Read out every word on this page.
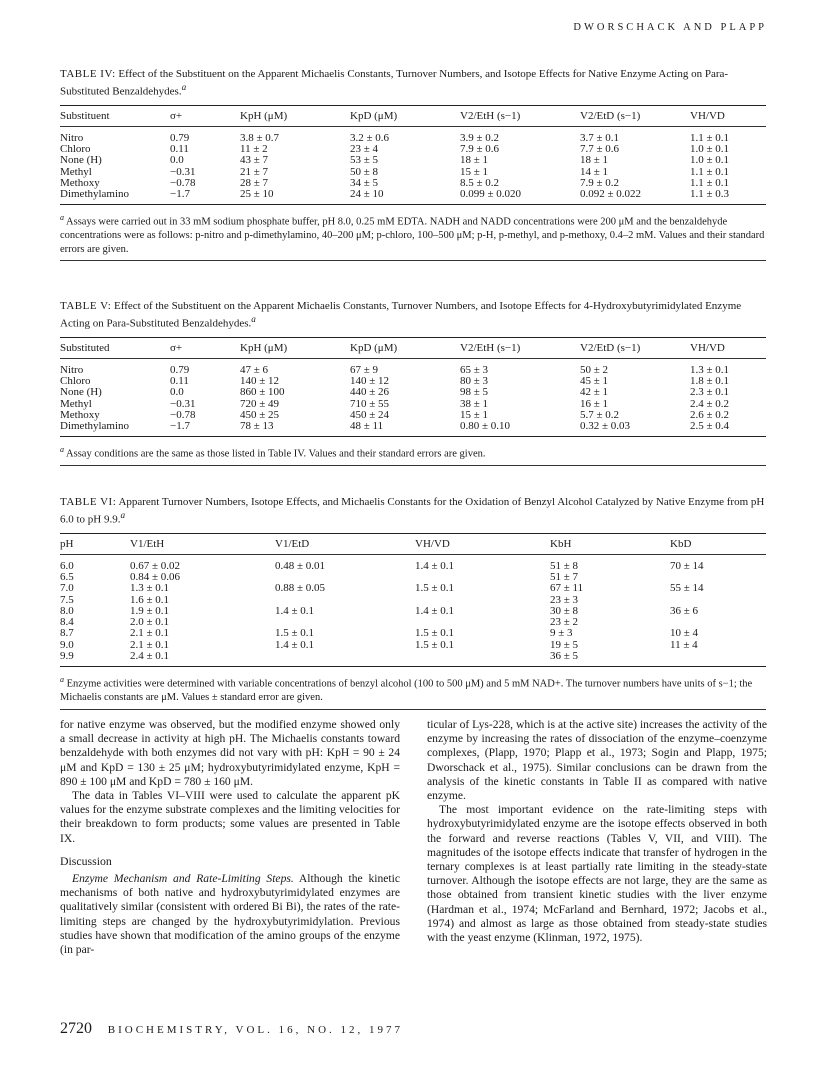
DWORSCHACK AND PLAPP

TABLE IV: Effect of the Substituent on the Apparent Michaelis Constants, Turnover Numbers, and Isotope Effects for Native Enzyme Acting on Para-Substituted Benzaldehydes.$^a$

Substituent	σ+	KpH (μM)	KpD (μM)	V2/EtH (s−1)	V2/EtD (s−1)	VH/VD
Nitro	0.79	3.8 ± 0.7	3.2 ± 0.6	3.9 ± 0.2	3.7 ± 0.1	1.1 ± 0.1
Chloro	0.11	11 ± 2	23 ± 4	7.9 ± 0.6	7.7 ± 0.6	1.0 ± 0.1
None (H)	0.0	43 ± 7	53 ± 5	18 ± 1	18 ± 1	1.0 ± 0.1
Methyl	−0.31	21 ± 7	50 ± 8	15 ± 1	14 ± 1	1.1 ± 0.1
Methoxy	−0.78	28 ± 7	34 ± 5	8.5 ± 0.2	7.9 ± 0.2	1.1 ± 0.1
Dimethylamino	−1.7	25 ± 10	24 ± 10	0.099 ± 0.020	0.092 ± 0.022	1.1 ± 0.3

$^a$ Assays were carried out in 33 mM sodium phosphate buffer, pH 8.0, 0.25 mM EDTA. NADH and NADD concentrations were 200 μM and the benzaldehyde concentrations were as follows: p-nitro and p-dimethylamino, 40–200 μM; p-chloro, 100–500 μM; p-H, p-methyl, and p-methoxy, 0.4–2 mM. Values and their standard errors are given.

TABLE V: Effect of the Substituent on the Apparent Michaelis Constants, Turnover Numbers, and Isotope Effects for 4-Hydroxybutyrimidylated Enzyme Acting on Para-Substituted Benzaldehydes.$^a$

Substituted	σ+	KpH (μM)	KpD (μM)	V2/EtH (s−1)	V2/EtD (s−1)	VH/VD
Nitro	0.79	47 ± 6	67 ± 9	65 ± 3	50 ± 2	1.3 ± 0.1
Chloro	0.11	140 ± 12	140 ± 12	80 ± 3	45 ± 1	1.8 ± 0.1
None (H)	0.0	860 ± 100	440 ± 26	98 ± 5	42 ± 1	2.3 ± 0.1
Methyl	−0.31	720 ± 49	710 ± 55	38 ± 1	16 ± 1	2.4 ± 0.2
Methoxy	−0.78	450 ± 25	450 ± 24	15 ± 1	5.7 ± 0.2	2.6 ± 0.2
Dimethylamino	−1.7	78 ± 13	48 ± 11	0.80 ± 0.10	0.32 ± 0.03	2.5 ± 0.4

$^a$ Assay conditions are the same as those listed in Table IV. Values and their standard errors are given.

TABLE VI: Apparent Turnover Numbers, Isotope Effects, and Michaelis Constants for the Oxidation of Benzyl Alcohol Catalyzed by Native Enzyme from pH 6.0 to pH 9.9.$^a$

pH	V1/EtH	V1/EtD	VH/VD	KbH	KbD
6.0	0.67 ± 0.02	0.48 ± 0.01	1.4 ± 0.1	51 ± 8	70 ± 14
6.5	0.84 ± 0.06			51 ± 7	
7.0	1.3 ± 0.1	0.88 ± 0.05	1.5 ± 0.1	67 ± 11	55 ± 14
7.5	1.6 ± 0.1			23 ± 3	
8.0	1.9 ± 0.1	1.4 ± 0.1	1.4 ± 0.1	30 ± 8	36 ± 6
8.4	2.0 ± 0.1			23 ± 2	
8.7	2.1 ± 0.1	1.5 ± 0.1	1.5 ± 0.1	9 ± 3	10 ± 4
9.0	2.1 ± 0.1	1.4 ± 0.1	1.5 ± 0.1	19 ± 5	11 ± 4
9.9	2.4 ± 0.1			36 ± 5	

$^a$ Enzyme activities were determined with variable concentrations of benzyl alcohol (100 to 500 μM) and 5 mM NAD+. The turnover numbers have units of s−1; the Michaelis constants are μM. Values ± standard error are given.

for native enzyme was observed, but the modified enzyme showed only a small decrease in activity at high pH. The Michaelis constants toward benzaldehyde with both enzymes did not vary with pH: KpH = 90 ± 24 μM and KpD = 130 ± 25 μM; hydroxybutyrimidylated enzyme, KpH = 890 ± 100 μM and KpD = 780 ± 160 μM.

The data in Tables VI–VIII were used to calculate the apparent pK values for the enzyme substrate complexes and the limiting velocities for their breakdown to form products; some values are presented in Table IX.

Discussion

Enzyme Mechanism and Rate-Limiting Steps. Although the kinetic mechanisms of both native and hydroxybutyrimidylated enzymes are qualitatively similar (consistent with ordered Bi Bi), the rates of the rate-limiting steps are changed by the hydroxybutyrimidylation. Previous studies have shown that modification of the amino groups of the enzyme (in par-

ticular of Lys-228, which is at the active site) increases the activity of the enzyme by increasing the rates of dissociation of the enzyme–coenzyme complexes, (Plapp, 1970; Plapp et al., 1973; Sogin and Plapp, 1975; Dworschack et al., 1975). Similar conclusions can be drawn from the analysis of the kinetic constants in Table II as compared with native enzyme.

The most important evidence on the rate-limiting steps with hydroxybutyrimidylated enzyme are the isotope effects observed in both the forward and reverse reactions (Tables V, VII, and VIII). The magnitudes of the isotope effects indicate that transfer of hydrogen in the ternary complexes is at least partially rate limiting in the steady-state turnover. Although the isotope effects are not large, they are the same as those obtained from transient kinetic studies with the liver enzyme (Hardman et al., 1974; McFarland and Bernhard, 1972; Jacobs et al., 1974) and almost as large as those obtained from steady-state studies with the yeast enzyme (Klinman, 1972, 1975).

2720 BIOCHEMISTRY, VOL. 16, NO. 12, 1977
